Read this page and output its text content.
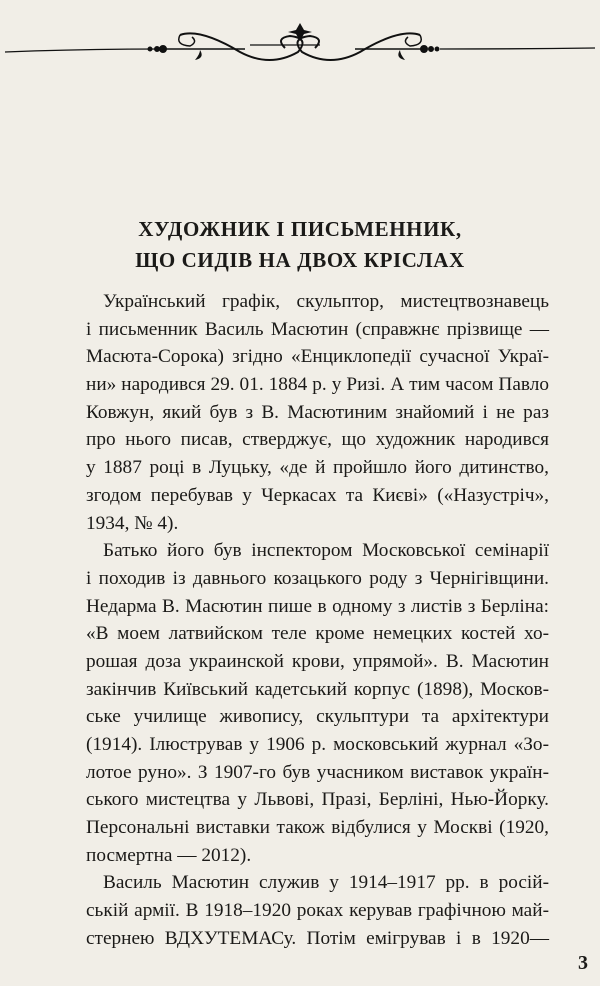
ХУДОЖНИК І ПИСЬМЕННИК,
ЩО СИДІВ НА ДВОХ КРІСЛАХ
Український графік, скульптор, мистецтвознавець
і письменник Василь Масютин (справжнє прізвище —
Масюта-Сорока) згідно «Енциклопедії сучасної Украї-
ни» народився 29. 01. 1884 р. у Ризі. А тим часом Павло
Ковжун, який був з В. Масютиним знайомий і не раз
про нього писав, стверджує, що художник народився
у 1887 році в Луцьку, «де й пройшло його дитинство,
згодом перебував у Черкасах та Києві» («Назустріч»,
1934, № 4).
Батько його був інспектором Московської семінарії
і походив із давнього козацького роду з Чернігівщини.
Недарма В. Масютин пише в одному з листів з Берліна:
«В моем латвийском теле кроме немецких костей хо-
рошая доза украинской крови, упрямой». В. Масютин
закінчив Київський кадетський корпус (1898), Москов-
ське училище живопису, скульптури та архітектури
(1914). Ілюстрував у 1906 р. московський журнал «Зо-
лотое руно». З 1907-го був учасником виставок україн-
ського мистецтва у Львові, Празі, Берліні, Нью-Йорку.
Персональні виставки також відбулися у Москві (1920,
посмертна — 2012).
Василь Масютин служив у 1914–1917 рр. в росій-
ській армії. В 1918–1920 роках керував графічною май-
стернею ВДХУТЕМАСу. Потім емігрував і в 1920—
3
